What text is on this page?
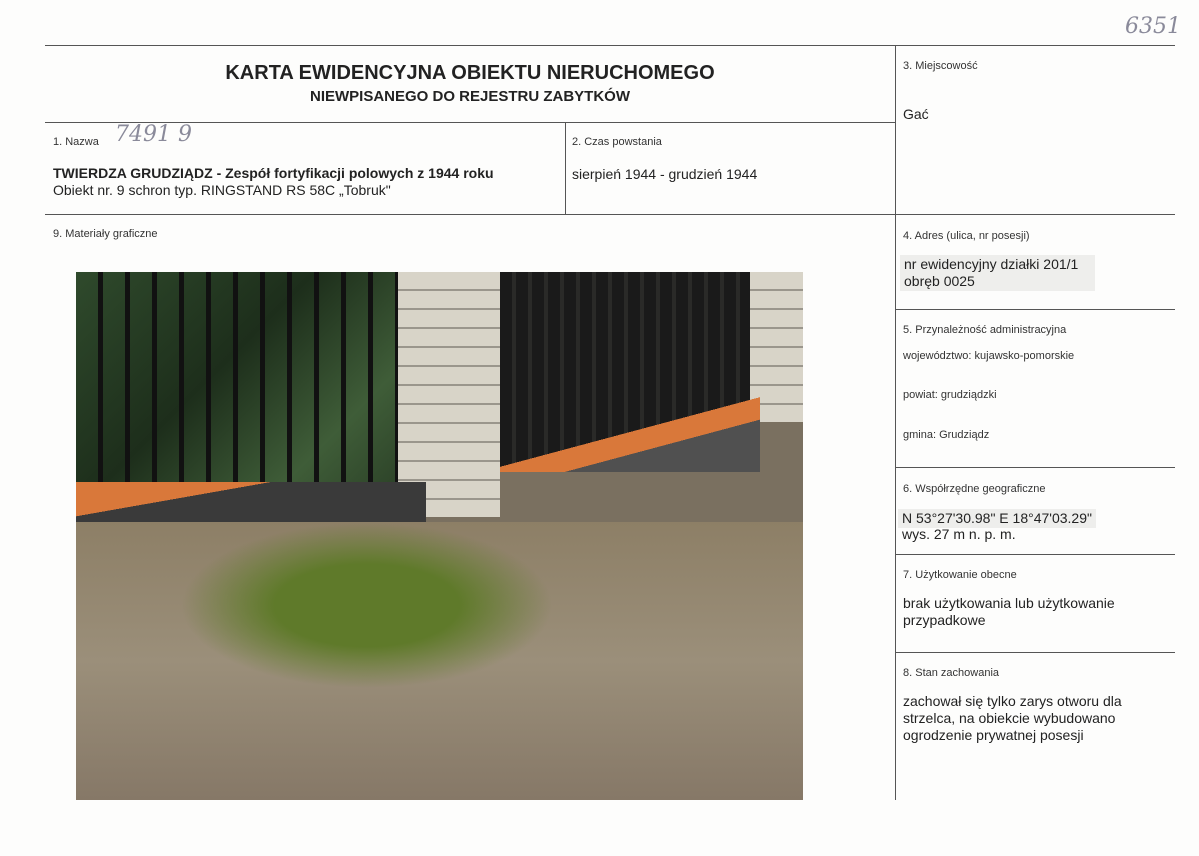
6351
KARTA EWIDENCYJNA OBIEKTU NIERUCHOMEGO
NIEWPISANEGO DO REJESTRU ZABYTKÓW
1. Nazwa 7491 9
TWIERDZA GRUDZIĄDZ - Zespół fortyfikacji polowych z 1944 roku
Obiekt nr. 9 schron typ. RINGSTAND RS 58C „Tobruk"
2. Czas powstania
sierpień 1944 - grudzień 1944
3. Miejscowość
Gać
9. Materiały graficzne	4. Adres (ulica, nr posesji)
nr ewidencyjny działki 201/1
obręb 0025
5. Przynależność administracyjna
województwo: kujawsko-pomorskie
powiat: grudziądzki
gmina: Grudziądz
6. Współrzędne geograficzne
N 53°27'30.98" E 18°47'03.29"
wys. 27 m n. p. m.
7. Użytkowanie obecne
brak użytkowania lub użytkowanie przypadkowe
8. Stan zachowania
zachował się tylko zarys otworu dla strzelca, na obiekcie wybudowano ogrodzenie prywatnej posesji
